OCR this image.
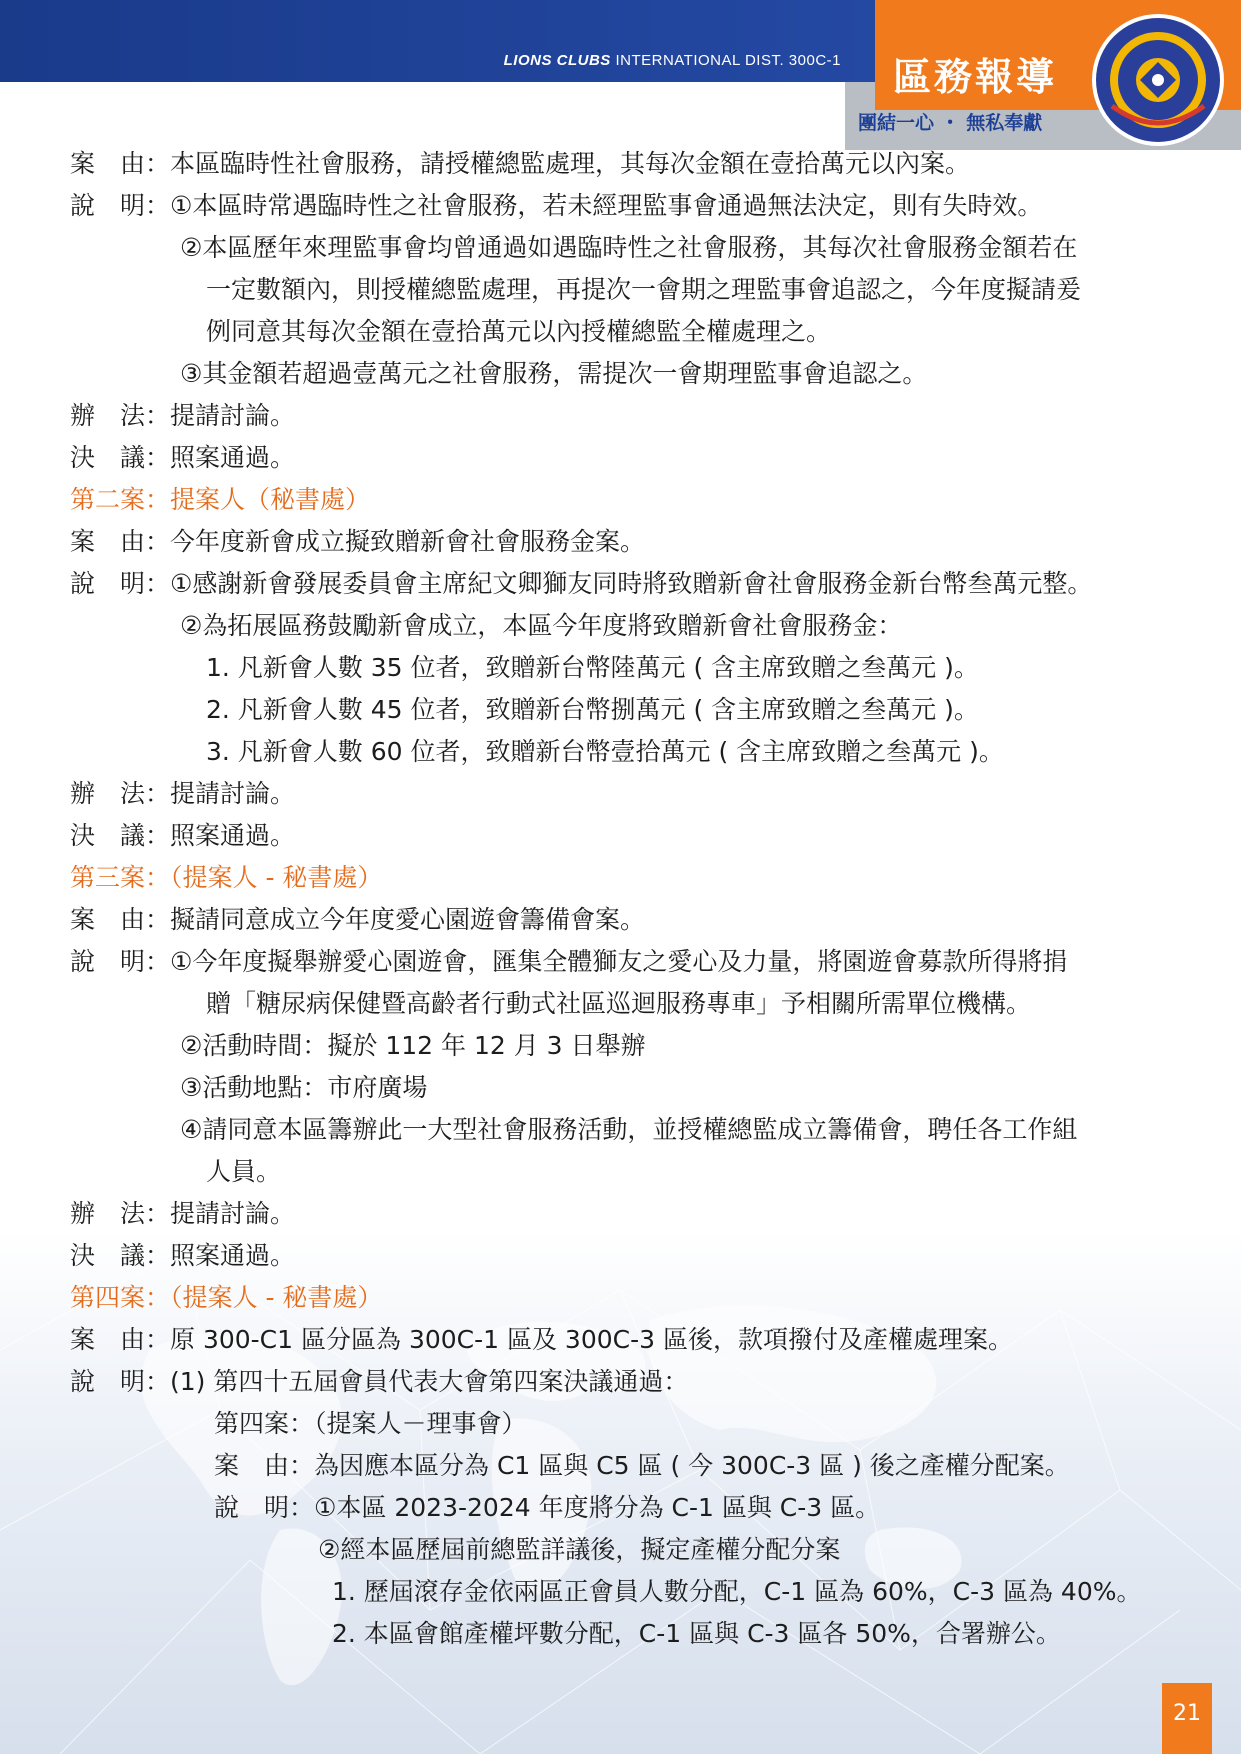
LIONS CLUBS INTERNATIONAL DIST. 300C-1 區務報導
團結一心 ・ 無私奉獻
案　由：本區臨時性社會服務，請授權總監處理，其每次金額在壹拾萬元以內案。
說　明：①本區時常遇臨時性之社會服務，若未經理監事會通過無法決定，則有失時效。
②本區歷年來理監事會均曾通過如遇臨時性之社會服務，其每次社會服務金額若在
一定數額內，則授權總監處理，再提次一會期之理監事會追認之，今年度擬請爰
例同意其每次金額在壹拾萬元以內授權總監全權處理之。
③其金額若超過壹萬元之社會服務，需提次一會期理監事會追認之。
辦　法：提請討論。
決　議：照案通過。
第二案：提案人（秘書處）
案　由：今年度新會成立擬致贈新會社會服務金案。
說　明：①感謝新會發展委員會主席紀文卿獅友同時將致贈新會社會服務金新台幣叁萬元整。
②為拓展區務鼓勵新會成立，本區今年度將致贈新會社會服務金：
1. 凡新會人數 35 位者，致贈新台幣陸萬元 ( 含主席致贈之叁萬元 )。
2. 凡新會人數 45 位者，致贈新台幣捌萬元 ( 含主席致贈之叁萬元 )。
3. 凡新會人數 60 位者，致贈新台幣壹拾萬元 ( 含主席致贈之叁萬元 )。
辦　法：提請討論。
決　議：照案通過。
第三案：（提案人 - 秘書處）
案　由：擬請同意成立今年度愛心園遊會籌備會案。
說　明：①今年度擬舉辦愛心園遊會，匯集全體獅友之愛心及力量，將園遊會募款所得將捐
贈「糖尿病保健暨高齡者行動式社區巡迴服務專車」予相關所需單位機構。
②活動時間：擬於 112 年 12 月 3 日舉辦
③活動地點：市府廣場
④請同意本區籌辦此一大型社會服務活動，並授權總監成立籌備會，聘任各工作組
人員。
辦　法：提請討論。
決　議：照案通過。
第四案：（提案人 - 秘書處）
案　由：原 300-C1 區分區為 300C-1 區及 300C-3 區後，款項撥付及產權處理案。
說　明：(1) 第四十五屆會員代表大會第四案決議通過：
第四案：（提案人－理事會）
案　由：為因應本區分為 C1 區與 C5 區 ( 今 300C-3 區 ) 後之產權分配案。
說　明：①本區 2023-2024 年度將分為 C-1 區與 C-3 區。
②經本區歷屆前總監詳議後，擬定產權分配分案
1. 歷屆滾存金依兩區正會員人數分配，C-1 區為 60%，C-3 區為 40%。
2. 本區會館產權坪數分配，C-1 區與 C-3 區各 50%，合署辦公。
21
